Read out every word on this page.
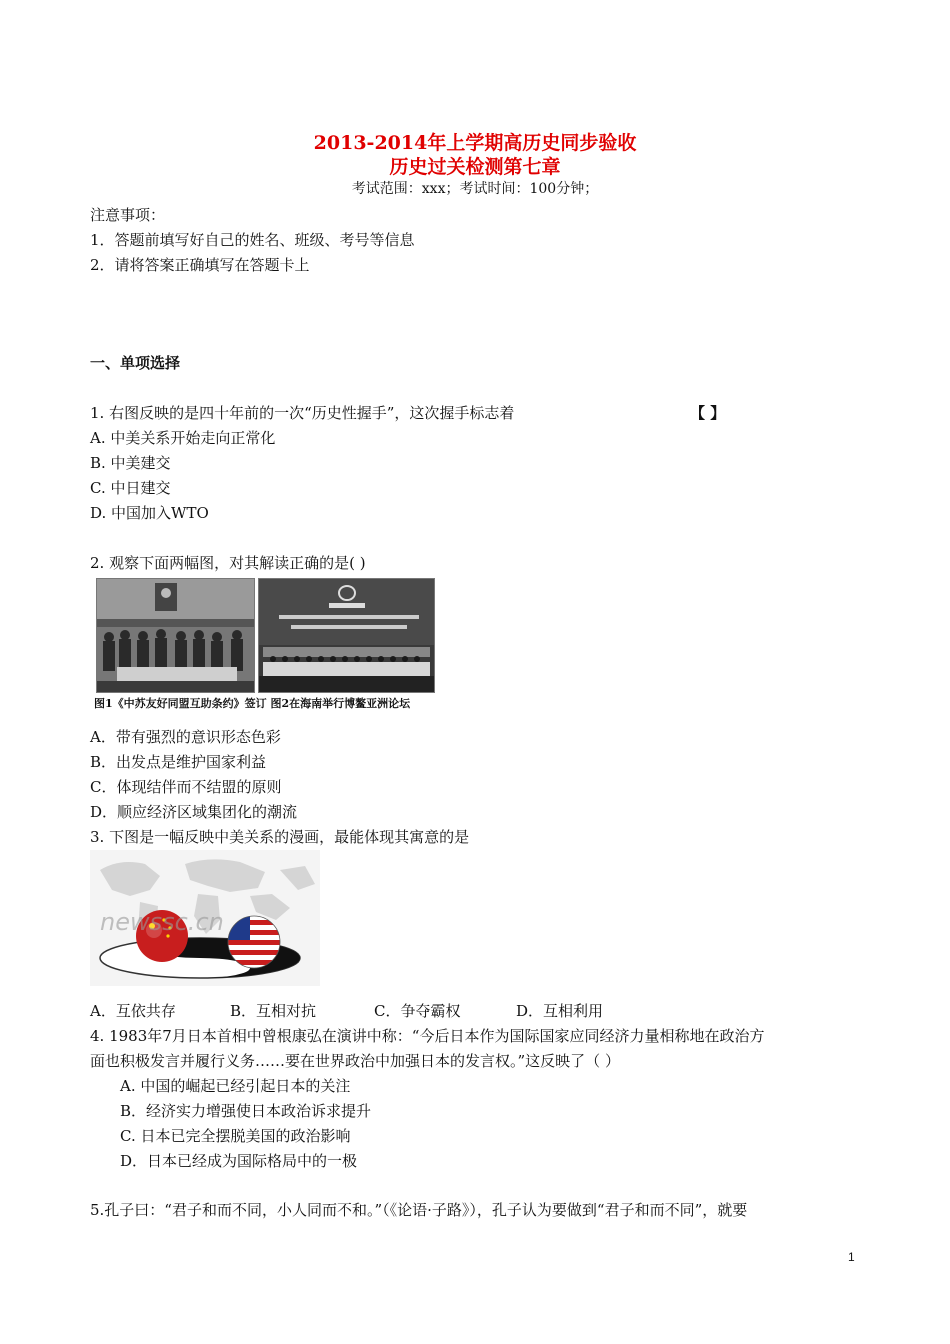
2013-2014年上学期高历史同步验收
历史过关检测第七章
考试范围：xxx；考试时间：100分钟；
注意事项：
1．答题前填写好自己的姓名、班级、考号等信息
2．请将答案正确填写在答题卡上
一、单项选择
1. 右图反映的是四十年前的一次“历史性握手”，这次握手标志着	【 】
A. 中美关系开始走向正常化
B. 中美建交
C. 中日建交
D. 中国加入WTO
2. 观察下面两幅图，对其解读正确的是( )
图1《中苏友好同盟互助条约》签订 图2在海南举行博鳌亚洲论坛
A．带有强烈的意识形态色彩
B．出发点是维护国家利益
C．体现结伴而不结盟的原则
D．顺应经济区域集团化的潮流
3. 下图是一幅反映中美关系的漫画，最能体现其寓意的是
newssc.cn
A．互依共存	B．互相对抗	C．争夺霸权	D．互相利用
4. 1983年7月日本首相中曾根康弘在演讲中称：“今后日本作为国际国家应同经济力量相称地在政治方
面也积极发言并履行义务……要在世界政治中加强日本的发言权。”这反映了（ ）
A. 中国的崛起已经引起日本的关注
B．经济实力增强使日本政治诉求提升
C. 日本已完全摆脱美国的政治影响
D．日本已经成为国际格局中的一极
5.孔子曰：“君子和而不同，小人同而不和。”（《论语·子路》），孔子认为要做到“君子和而不同”，就要
1
